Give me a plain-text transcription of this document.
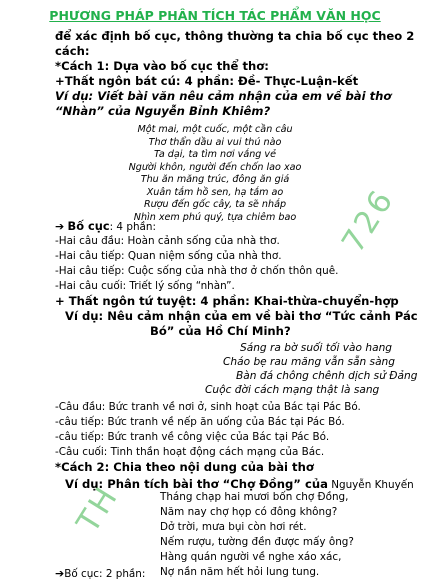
PHƯƠNG PHÁP PHÂN TÍCH TÁC PHẨM VĂN HỌC
để xác định bố cục, thông thường ta chia bố cục theo 2
cách:
*Cách 1: Dựa vào bố cục thể thơ:
+Thất ngôn bát cú: 4 phần: Đề- Thực-Luận-kết
Ví dụ: Viết bài văn nêu cảm nhận của em về bài thơ
“Nhàn” của Nguyễn Bỉnh Khiêm?
Một mai, một cuốc, một cần câu
Thơ thẩn dầu ai vui thú nào
Ta dại, ta tìm nơi vắng vẻ
Người khôn, người đến chốn lao xao
Thu ăn măng trúc, đông ăn giá
Xuân tắm hồ sen, hạ tắm ao
Rượu đến gốc cây, ta sẽ nhắp
Nhìn xem phú quý, tựa chiêm bao
➔ Bố cục: 4 phần:
-Hai câu đầu: Hoàn cảnh sống của nhà thơ.
-Hai câu tiếp: Quan niệm sống của nhà thơ.
-Hai câu tiếp: Cuộc sống của nhà thơ ở chốn thôn quê.
-Hai câu cuối: Triết lý sống “nhàn”.
+ Thất ngôn tứ tuyệt: 4 phần: Khai-thừa-chuyển-hợp
Ví dụ: Nêu cảm nhận của em về bài thơ “Tức cảnh Pác
Bó” của Hồ Chí Minh?
Sáng ra bờ suối tối vào hang
Cháo bẹ rau măng vẫn sẵn sàng
Bàn đá chông chênh dịch sử Đảng
Cuộc đời cách mạng thật là sang
-Câu đầu: Bức tranh về nơi ở, sinh hoạt của Bác tại Pác Bó.
-câu tiếp: Bức tranh về nếp ăn uống của Bác tại Pác Bó.
-câu tiếp: Bức tranh về công việc của Bác tại Pác Bó.
-Câu cuối: Tinh thần hoạt động cách mạng của Bác.
*Cách 2: Chia theo nội dung của bài thơ
Ví dụ: Phân tích bài thơ “Chợ Đồng” của Nguyễn Khuyến
Tháng chạp hai mươi bốn chợ Đồng,
Năm nay chợ họp có đông không?
Dở trời, mưa bụi còn hơi rét.
Nếm rượu, tường đền được mấy ông?
Hàng quán người về nghe xáo xác,
Nợ nần năm hết hỏi lung tung.
➔Bố cục: 2 phần:
726
TH
